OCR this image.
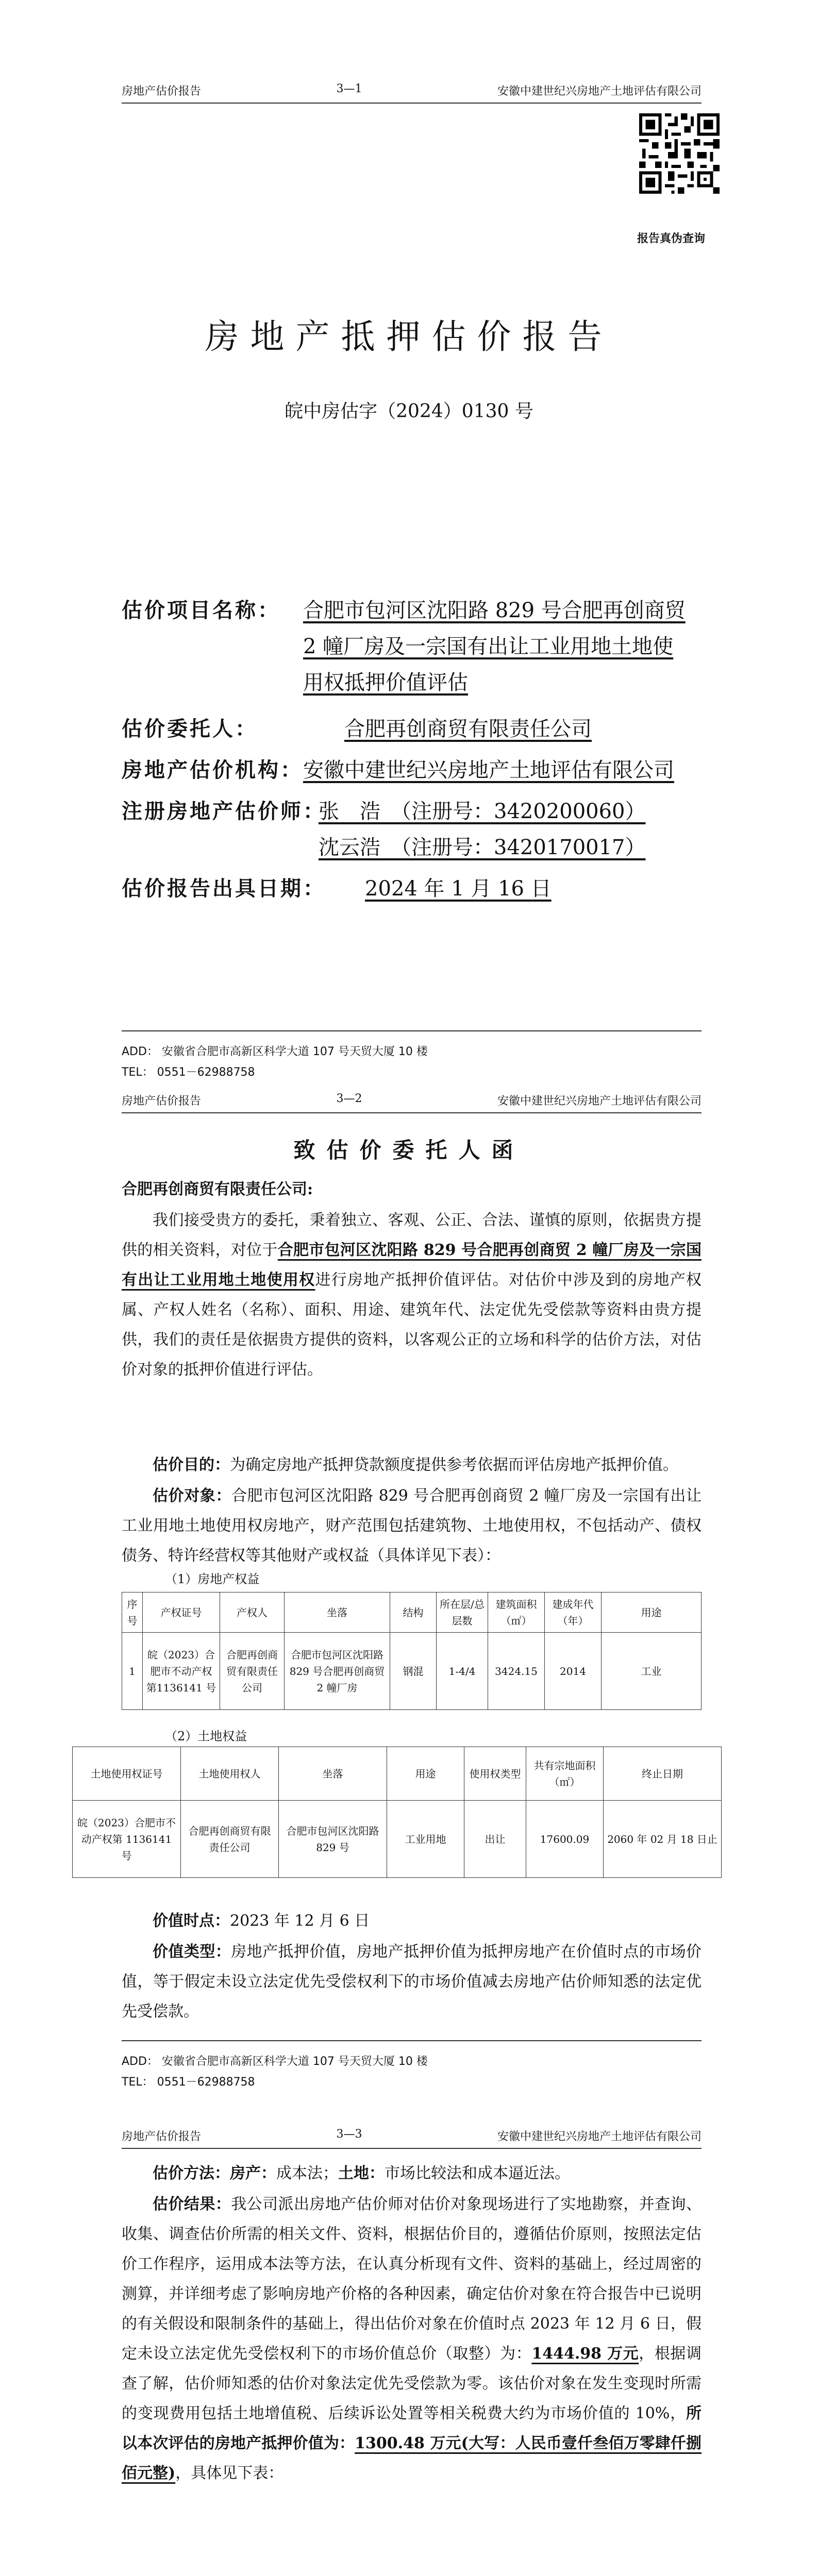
房地产估价报告	3—1	安徽中建世纪兴房地产土地评估有限公司
报告真伪查询
房地产抵押估价报告
皖中房估字（2024）0130 号
估价项目名称：	合肥市包河区沈阳路 829 号合肥再创商贸
2 幢厂房及一宗国有出让工业用地土地使
用权抵押价值评估
估价委托人：	合肥再创商贸有限责任公司
房地产估价机构： 安徽中建世纪兴房地产土地评估有限公司
注册房地产估价师：
张　浩　（注册号：3420200060）
沈云浩　（注册号：3420170017）
估价报告出具日期：	2024 年 1 月 16 日
ADD： 安徽省合肥市高新区科学大道 107 号天贸大厦 10 楼
TEL： 0551－62988758
房地产估价报告	3—2	安徽中建世纪兴房地产土地评估有限公司
致估价委托人函
合肥再创商贸有限责任公司:
我们接受贵方的委托，秉着独立、客观、公正、合法、谨慎的原则，依据贵方提供的相关资料，对位于合肥市包河区沈阳路 829 号合肥再创商贸 2 幢厂房及一宗国有出让工业用地土地使用权进行房地产抵押价值评估。对估价中涉及到的房地产权属、产权人姓名（名称）、面积、用途、建筑年代、法定优先受偿款等资料由贵方提供，我们的责任是依据贵方提供的资料，以客观公正的立场和科学的估价方法，对估价对象的抵押价值进行评估。
估价目的：为确定房地产抵押贷款额度提供参考依据而评估房地产抵押价值。
估价对象：合肥市包河区沈阳路 829 号合肥再创商贸 2 幢厂房及一宗国有出让工业用地土地使用权房地产，财产范围包括建筑物、土地使用权，不包括动产、债权债务、特许经营权等其他财产或权益（具体详见下表）：
（1）房地产权益
序号	产权证号	产权人	坐落	结构	所在层/总层数	建筑面积（㎡）	建成年代（年）	用途
1	皖（2023）合肥市不动产权第1136141 号	合肥再创商贸有限责任公司	合肥市包河区沈阳路 829 号合肥再创商贸 2 幢厂房	钢混	1-4/4	3424.15	2014	工业
（2）土地权益
土地使用权证号	土地使用权人	坐落	用途	使用权类型	共有宗地面积（㎡）	终止日期
皖（2023）合肥市不动产权第 1136141 号	合肥再创商贸有限责任公司	合肥市包河区沈阳路 829 号	工业用地	出让	17600.09	2060 年 02 月 18 日止
价值时点：2023 年 12 月 6 日
价值类型：房地产抵押价值，房地产抵押价值为抵押房地产在价值时点的市场价值，等于假定未设立法定优先受偿权利下的市场价值减去房地产估价师知悉的法定优先受偿款。
ADD： 安徽省合肥市高新区科学大道 107 号天贸大厦 10 楼
TEL： 0551－62988758
房地产估价报告	3—3	安徽中建世纪兴房地产土地评估有限公司
估价方法：房产：成本法；土地：市场比较法和成本逼近法。
估价结果：我公司派出房地产估价师对估价对象现场进行了实地勘察，并查询、收集、调查估价所需的相关文件、资料，根据估价目的，遵循估价原则，按照法定估价工作程序，运用成本法等方法，在认真分析现有文件、资料的基础上，经过周密的测算，并详细考虑了影响房地产价格的各种因素，确定估价对象在符合报告中已说明的有关假设和限制条件的基础上，得出估价对象在价值时点 2023 年 12 月 6 日，假定未设立法定优先受偿权利下的市场价值总价（取整）为：1444.98 万元，根据调查了解，估价师知悉的估价对象法定优先受偿款为零。该估价对象在发生变现时所需的变现费用包括土地增值税、后续诉讼处置等相关税费大约为市场价值的 10%，所以本次评估的房地产抵押价值为：1300.48 万元(大写：人民币壹仟叁佰万零肆仟捌佰元整)，具体见下表：
